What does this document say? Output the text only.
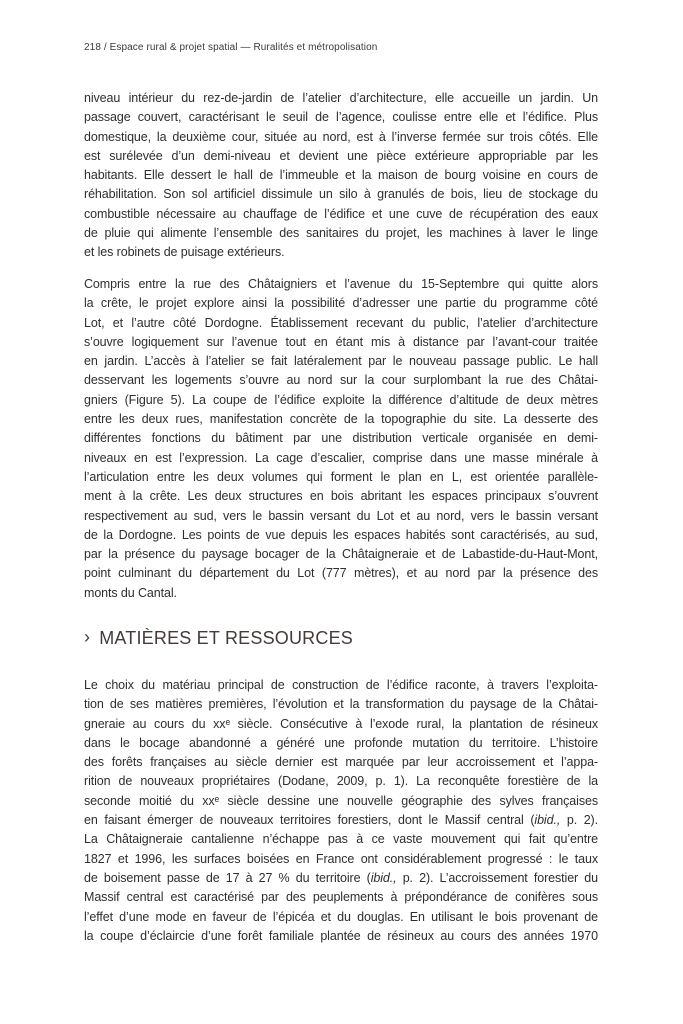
218 / Espace rural & projet spatial — Ruralités et métropolisation
niveau intérieur du rez-de-jardin de l’atelier d’architecture, elle accueille un jardin. Un
passage couvert, caractérisant le seuil de l’agence, coulisse entre elle et l’édifice. Plus
domestique, la deuxième cour, située au nord, est à l’inverse fermée sur trois côtés. Elle
est surélevée d’un demi-niveau et devient une pièce extérieure appropriable par les
habitants. Elle dessert le hall de l’immeuble et la maison de bourg voisine en cours de
réhabilitation. Son sol artificiel dissimule un silo à granulés de bois, lieu de stockage du
combustible nécessaire au chauffage de l’édifice et une cuve de récupération des eaux
de pluie qui alimente l’ensemble des sanitaires du projet, les machines à laver le linge
et les robinets de puisage extérieurs.
Compris entre la rue des Châtaigniers et l’avenue du 15-Septembre qui quitte alors
la crête, le projet explore ainsi la possibilité d’adresser une partie du programme côté
Lot, et l’autre côté Dordogne. Établissement recevant du public, l’atelier d’architecture
s’ouvre logiquement sur l’avenue tout en étant mis à distance par l’avant-cour traitée
en jardin. L’accès à l’atelier se fait latéralement par le nouveau passage public. Le hall
desservant les logements s’ouvre au nord sur la cour surplombant la rue des Châtai-
gniers (Figure 5). La coupe de l’édifice exploite la différence d’altitude de deux mètres
entre les deux rues, manifestation concrète de la topographie du site. La desserte des
différentes fonctions du bâtiment par une distribution verticale organisée en demi-
niveaux en est l’expression. La cage d’escalier, comprise dans une masse minérale à
l’articulation entre les deux volumes qui forment le plan en L, est orientée parallèle-
ment à la crête. Les deux structures en bois abritant les espaces principaux s’ouvrent
respectivement au sud, vers le bassin versant du Lot et au nord, vers le bassin versant
de la Dordogne. Les points de vue depuis les espaces habités sont caractérisés, au sud,
par la présence du paysage bocager de la Châtaigneraie et de Labastide-du-Haut-Mont,
point culminant du département du Lot (777 mètres), et au nord par la présence des
monts du Cantal.
› MATIÈRES ET RESSOURCES
Le choix du matériau principal de construction de l’édifice raconte, à travers l’exploita-
tion de ses matières premières, l’évolution et la transformation du paysage de la Châtai-
gneraie au cours du xxᵉ siècle. Consécutive à l’exode rural, la plantation de résineux
dans le bocage abandonné a généré une profonde mutation du territoire. L’histoire
des forêts françaises au siècle dernier est marquée par leur accroissement et l’appa-
rition de nouveaux propriétaires (Dodane, 2009, p. 1). La reconquête forestière de la
seconde moitié du xxᵉ siècle dessine une nouvelle géographie des sylves françaises
en faisant émerger de nouveaux territoires forestiers, dont le Massif central (ibid., p. 2).
La Châtaigneraie cantalienne n’échappe pas à ce vaste mouvement qui fait qu’entre
1827 et 1996, les surfaces boisées en France ont considérablement progressé : le taux
de boisement passe de 17 à 27 % du territoire (ibid., p. 2). L’accroissement forestier du
Massif central est caractérisé par des peuplements à prépondérance de conifères sous
l’effet d’une mode en faveur de l’épicéa et du douglas. En utilisant le bois provenant de
la coupe d’éclaircie d’une forêt familiale plantée de résineux au cours des années 1970
